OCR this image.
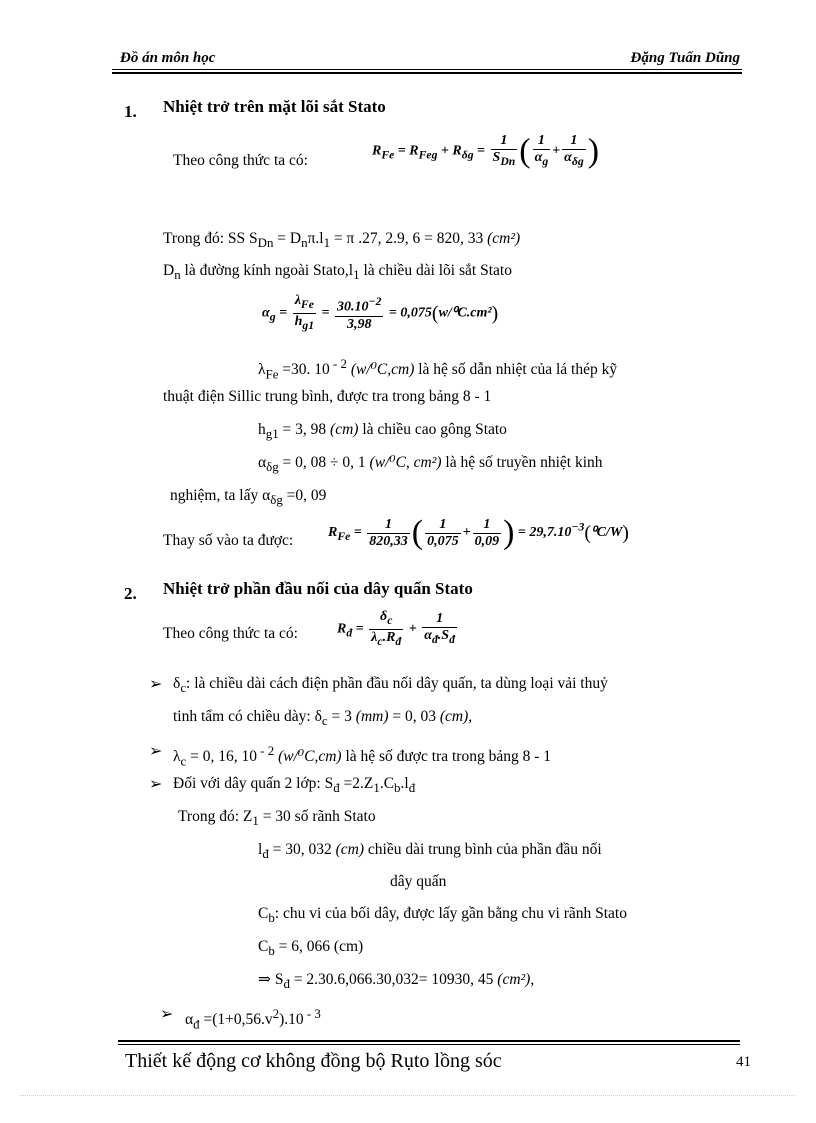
Đồ án môn học	Đặng Tuấn Dũng
1. Nhiệt trở trên mặt lõi sắt Stato
Theo công thức ta có:
$R_{Fe} = R_{Feg} + R_{\delta g} = \frac{1}{S_{Dn}}$ ( $\frac{1}{\alpha_g} + \frac{1}{\alpha_{\delta g}}$ )
Trong đó: SS $S_{Dn} = D_n\pi.l_1 = \pi$ .27, 2.9, 6 = 820, 33 (cm²)
$D_n$ là đường kính ngoài $Stato,l_1$ là chiều dài lõi sắt Stato
$\alpha_g = \frac{\lambda_{Fe}}{h_{g1}} = \frac{30.10^{-2}}{3,98} = 0,075(w/^0C.cm^2)$
$\lambda_{Fe} =30$. 10 $^{- 2}$ (w/⁰C,cm) là hệ số dẫn nhiệt của lá thép kỹ
thuật điện Sillic trung bình, được tra trong bảng 8 - 1
$h_{g1} = 3$, 98 (cm) là chiều cao gông Stato
$\alpha_{\delta g} = 0$, 08 ÷ 0, 1 (w/⁰C, cm²) là hệ số truyền nhiệt kinh
nghiệm, ta lấy $\alpha_{\delta g} =0$, 09
Thay số vào ta được: $R_{Fe} = \frac{1}{820,33}$ ( $\frac{1}{0,075} + \frac{1}{0,09}$ ) = $29,7.10^{-3}(^0C/W)$
2. Nhiệt trở phần đầu nối của dây quấn Stato
Theo công thức ta có:	$R_đ = \frac{\delta_c}{\lambda_c.R_đ} + \frac{1}{\alpha_đ.S_đ}$
➢ $\delta_c$: là chiều dài cách điện phần đầu nối dây quấn, ta dùng loại vải thuỷ
tinh tẩm có chiều dày: $\delta_c = 3$ (mm) = 0, 03 (cm),
➢ $\lambda_c = 0$, 16, 10 $^{- 2}$ (w/⁰C,cm) là hệ số được tra trong bảng 8 - 1
➢ Đối với dây quấn 2 lớp: $S_đ =2.Z_1.C_b.l_đ$
Trong đó: $Z_1 = 30$ số rãnh Stato
$l_đ = 30$, 032 (cm) chiều dài trung bình của phần đầu nối
dây quấn
$C_b$: chu vi của bối dây, được lấy gần bằng chu vi rãnh Stato
$C_b = 6$, 066 (cm)
⇒ $S_đ = 2.30.6,066.30,032= 10930$, 45 (cm²),
➢ $\alpha_đ =(1+0,56.v^2).10$ $^{- 3}$
Thiết kế động cơ không đồng bộ Rụto lồng sóc	41
